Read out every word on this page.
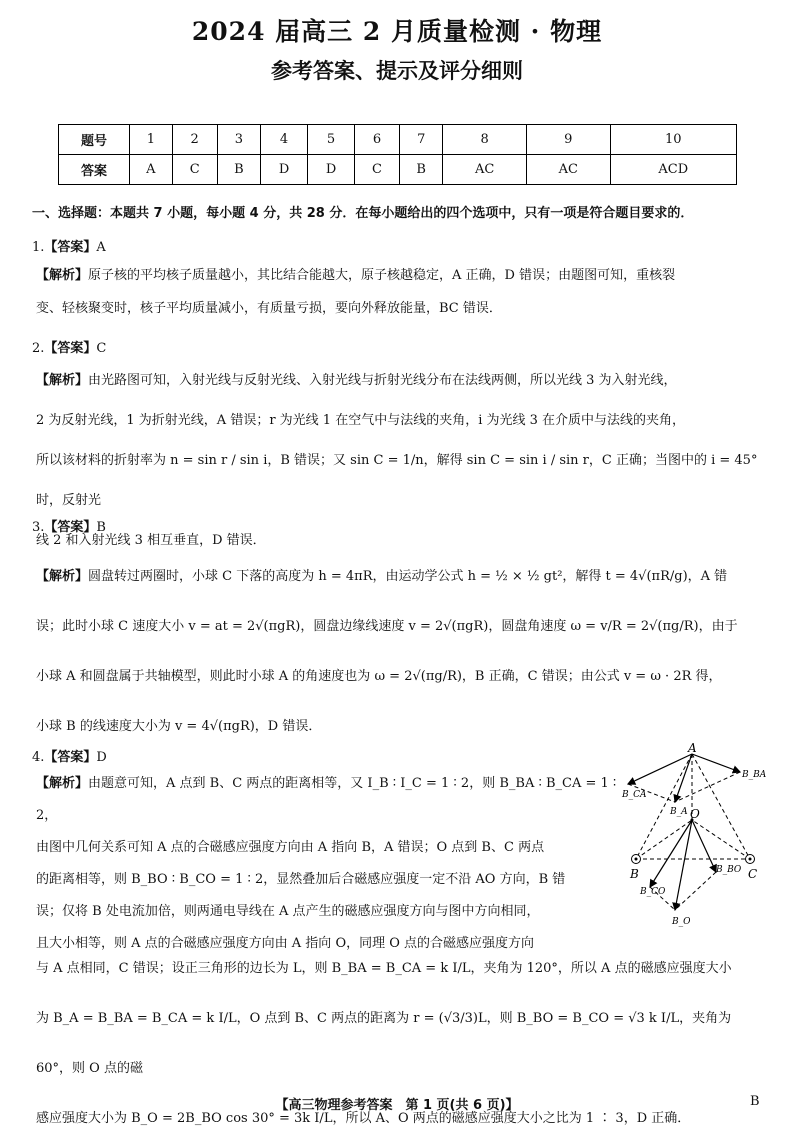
2024 届高三 2 月质量检测 · 物理
参考答案、提示及评分细则
题号	1	2	3	4	5	6	7	8	9	10
答案	A	C	B	D	D	C	B	AC	AC	ACD
一、选择题：本题共 7 小题，每小题 4 分，共 28 分．在每小题给出的四个选项中，只有一项是符合题目要求的．
1.【答案】A
【解析】原子核的平均核子质量越小，其比结合能越大，原子核越稳定，A 正确，D 错误；由题图可知，重核裂
变、轻核聚变时，核子平均质量减小，有质量亏损，要向外释放能量，BC 错误．
2.【答案】C
【解析】由光路图可知，入射光线与反射光线、入射光线与折射光线分布在法线两侧，所以光线 3 为入射光线，
2 为反射光线，1 为折射光线，A 错误；r 为光线 1 在空气中与法线的夹角，i 为光线 3 在介质中与法线的夹角，
所以该材料的折射率为 n = sin r / sin i，B 错误；又 sin C = 1/n，解得 sin C = sin i / sin r，C 正确；当图中的 i = 45° 时，反射光
线 2 和入射光线 3 相互垂直，D 错误．
3.【答案】B
【解析】圆盘转过两圈时，小球 C 下落的高度为 h = 4πR，由运动学公式 h = ½ × ½ gt²，解得 t = 4√(πR/g)，A 错
误；此时小球 C 速度大小 v = at = 2√(πgR)，圆盘边缘线速度 v = 2√(πgR)，圆盘角速度 ω = v/R = 2√(πg/R)，由于
小球 A 和圆盘属于共轴模型，则此时小球 A 的角速度也为 ω = 2√(πg/R)，B 正确，C 错误；由公式 v = ω · 2R 得，
小球 B 的线速度大小为 v = 4√(πgR)，D 错误．
4.【答案】D
【解析】由题意可知，A 点到 B、C 两点的距离相等，又 I_B ∶ I_C = 1 ∶ 2，则 B_BA ∶ B_CA = 1 ∶ 2，
由图中几何关系可知 A 点的合磁感应强度方向由 A 指向 B，A 错误；O 点到 B、C 两点
的距离相等，则 B_BO ∶ B_CO = 1 ∶ 2，显然叠加后合磁感应强度一定不沿 AO 方向，B 错
误；仅将 B 处电流加倍，则两通电导线在 A 点产生的磁感应强度方向与图中方向相同，
且大小相等，则 A 点的合磁感应强度方向由 A 指向 O，同理 O 点的合磁感应强度方向
与 A 点相同，C 错误；设正三角形的边长为 L，则 B_BA = B_CA = k I/L，夹角为 120°，所以 A 点的磁感应强度大小
为 B_A = B_BA = B_CA = k I/L，O 点到 B、C 两点的距离为 r = (√3/3)L，则 B_BO = B_CO = √3 k I/L，夹角为 60°，则 O 点的磁
感应强度大小为 B_O = 2B_BO cos 30° = 3k I/L，所以 A、O 两点的磁感应强度大小之比为 1 ∶ 3，D 正确．
A
B	C
O
B_BA
B_CA
B_A
B_BO
B_CO
B_O
【高三物理参考答案　第 1 页(共 6 页)】	B
